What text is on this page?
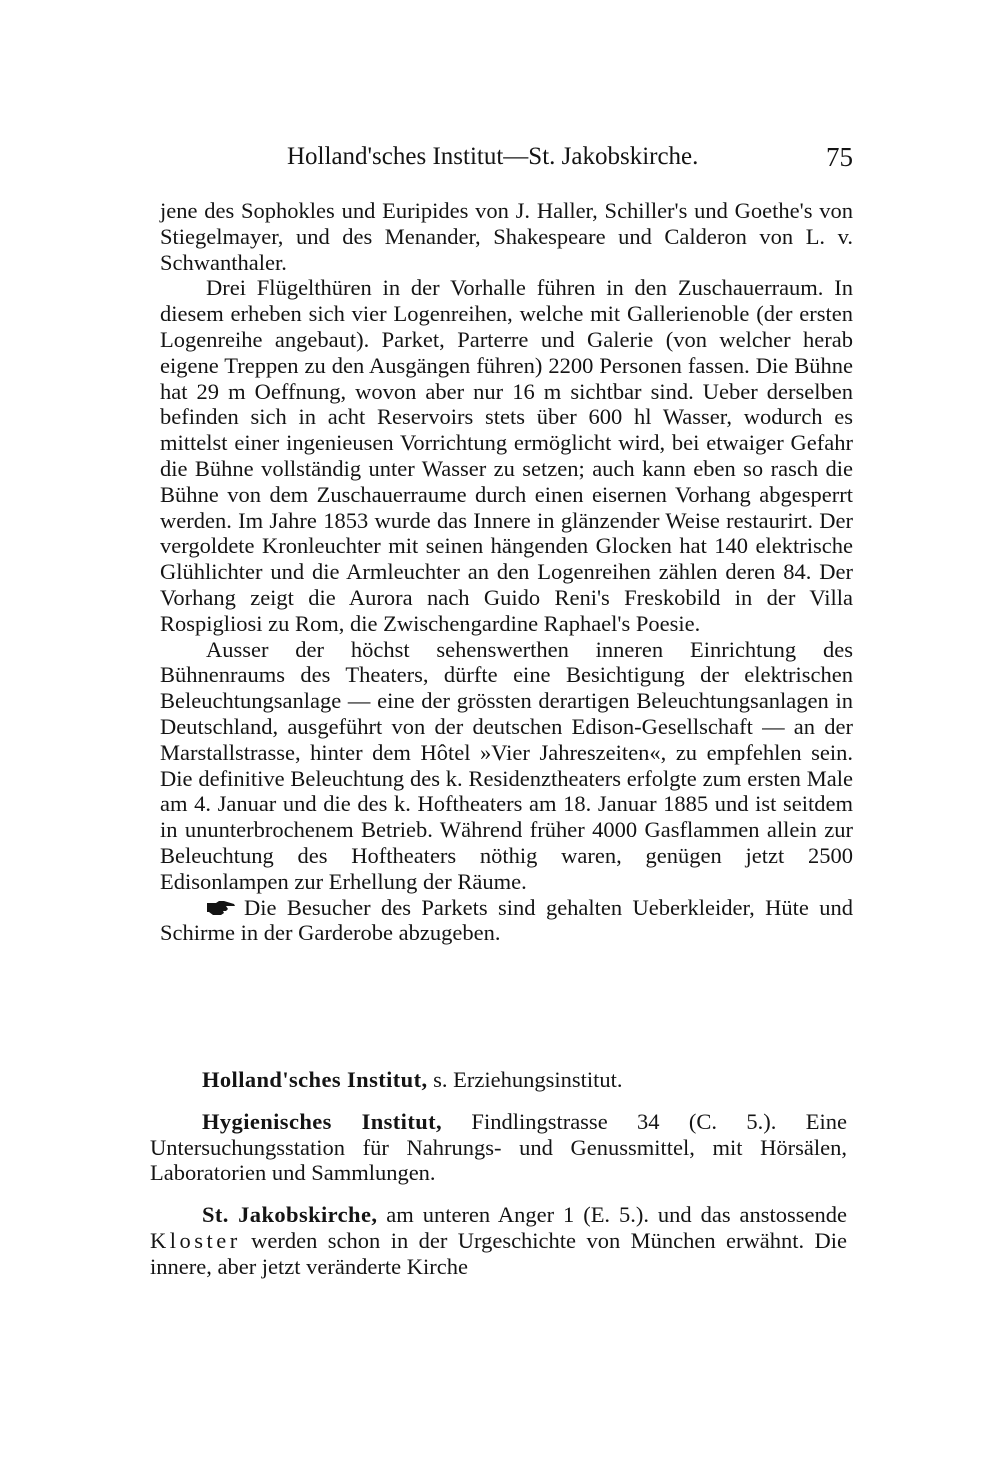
Holland'sches Institut—St. Jakobskirche.	75

jene des Sophokles und Euripides von J. Haller, Schiller's und Goethe's von Stiegelmayer, und des Menander, Shakespeare und Calderon von L. v. Schwanthaler.

Drei Flügelthüren in der Vorhalle führen in den Zuschauerraum. In diesem erheben sich vier Logenreihen, welche mit Gallerienoble (der ersten Logenreihe angebaut). Parket, Parterre und Galerie (von welcher herab eigene Treppen zu den Ausgängen führen) 2200 Personen fassen. Die Bühne hat 29 m Oeffnung, wovon aber nur 16 m sichtbar sind. Ueber derselben befinden sich in acht Reservoirs stets über 600 hl Wasser, wodurch es mittelst einer ingenieusen Vorrichtung ermöglicht wird, bei etwaiger Gefahr die Bühne vollständig unter Wasser zu setzen; auch kann eben so rasch die Bühne von dem Zuschauerraume durch einen eisernen Vorhang abgesperrt werden. Im Jahre 1853 wurde das Innere in glänzender Weise restaurirt. Der vergoldete Kronleuchter mit seinen hängenden Glocken hat 140 elektrische Glühlichter und die Armleuchter an den Logenreihen zählen deren 84. Der Vorhang zeigt die Aurora nach Guido Reni's Freskobild in der Villa Rospigliosi zu Rom, die Zwischengardine Raphael's Poesie.

Ausser der höchst sehenswerthen inneren Einrichtung des Bühnenraums des Theaters, dürfte eine Besichtigung der elektrischen Beleuchtungsanlage — eine der grössten derartigen Beleuchtungsanlagen in Deutschland, ausgeführt von der deutschen Edison-Gesellschaft — an der Marstallstrasse, hinter dem Hôtel »Vier Jahreszeiten«, zu empfehlen sein. Die definitive Beleuchtung des k. Residenztheaters erfolgte zum ersten Male am 4. Januar und die des k. Hoftheaters am 18. Januar 1885 und ist seitdem in ununterbrochenem Betrieb. Während früher 4000 Gasflammen allein zur Beleuchtung des Hoftheaters nöthig waren, genügen jetzt 2500 Edisonlampen zur Erhellung der Räume.

Die Besucher des Parkets sind gehalten Ueberkleider, Hüte und Schirme in der Garderobe abzugeben.

Holland'sches Institut, s. Erziehungsinstitut.

Hygienisches Institut, Findlingstrasse 34 (C. 5.). Eine Untersuchungsstation für Nahrungs- und Genussmittel, mit Hörsälen, Laboratorien und Sammlungen.

St. Jakobskirche, am unteren Anger 1 (E. 5.). und das anstossende Kloster werden schon in der Urgeschichte von München erwähnt. Die innere, aber jetzt veränderte Kirche
